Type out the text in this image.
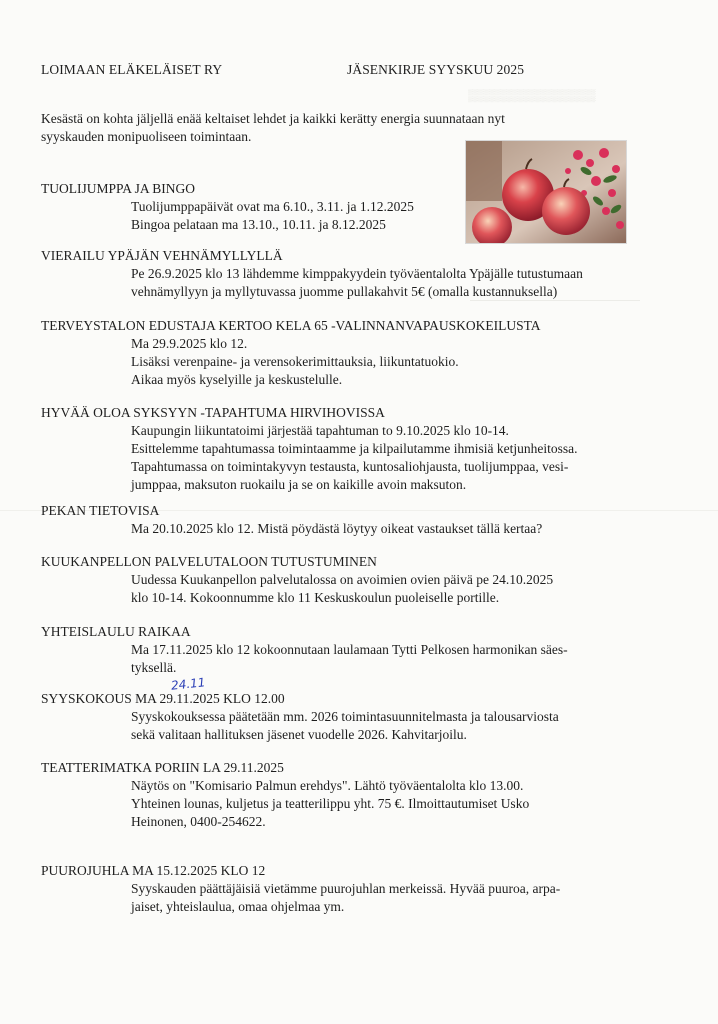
LOIMAAN ELÄKELÄISET RY	JÄSENKIRJE SYYSKUU 2025
Kesästä on kohta jäljellä enää keltaiset lehdet ja kaikki kerätty energia suunnataan nyt
syyskauden monipuoliseen toimintaan.
▒▒▒▒▒▒▒▒▒▒▒▒▒▒▒
TUOLIJUMPPA JA BINGO
Tuolijumppapäivät ovat ma 6.10., 3.11. ja 1.12.2025
Bingoa pelataan ma 13.10., 10.11. ja 8.12.2025
VIERAILU YPÄJÄN VEHNÄMYLLYLLÄ
Pe 26.9.2025 klo 13 lähdemme kimppakyydein työväentalolta Ypäjälle tutustumaan
vehnämyllyyn ja myllytuvassa juomme pullakahvit 5€ (omalla kustannuksella)
TERVEYSTALON EDUSTAJA KERTOO KELA 65 -VALINNANVAPAUSKOKEILUSTA
Ma 29.9.2025 klo 12.
Lisäksi verenpaine- ja verensokerimittauksia, liikuntatuokio.
Aikaa myös kyselyille ja keskustelulle.
HYVÄÄ OLOA SYKSYYN -TAPAHTUMA HIRVIHOVISSA
Kaupungin liikuntatoimi järjestää tapahtuman to 9.10.2025 klo 10-14.
Esittelemme tapahtumassa toimintaamme ja kilpailutamme ihmisiä ketjunheitossa.
Tapahtumassa on toimintakyvyn testausta, kuntosaliohjausta, tuolijumppaa, vesi-
jumppaa, maksuton ruokailu ja se on kaikille avoin maksuton.
PEKAN TIETOVISA
Ma 20.10.2025 klo 12. Mistä pöydästä löytyy oikeat vastaukset tällä kertaa?
KUUKANPELLON PALVELUTALOON TUTUSTUMINEN
Uudessa Kuukanpellon palvelutalossa on avoimien ovien päivä pe 24.10.2025
klo 10-14. Kokoonnumme klo 11 Keskuskoulun puoleiselle portille.
YHTEISLAULU RAIKAA
Ma 17.11.2025 klo 12 kokoonnutaan laulamaan Tytti Pelkosen harmonikan säes-
tyksellä.
SYYSKOKOUS MA 29.11.2025 KLO 12.00
24.11
Syyskokouksessa päätetään mm. 2026 toimintasuunnitelmasta ja talousarviosta
sekä valitaan hallituksen jäsenet vuodelle 2026. Kahvitarjoilu.
TEATTERIMATKA PORIIN LA 29.11.2025
Näytös on "Komisario Palmun erehdys". Lähtö työväentalolta klo 13.00.
Yhteinen lounas, kuljetus ja teatterilippu yht. 75 €. Ilmoittautumiset Usko
Heinonen, 0400-254622.
PUUROJUHLA MA 15.12.2025 KLO 12
Syyskauden päättäjäisiä vietämme puurojuhlan merkeissä. Hyvää puuroa, arpa-
jaiset, yhteislaulua, omaa ohjelmaa ym.
